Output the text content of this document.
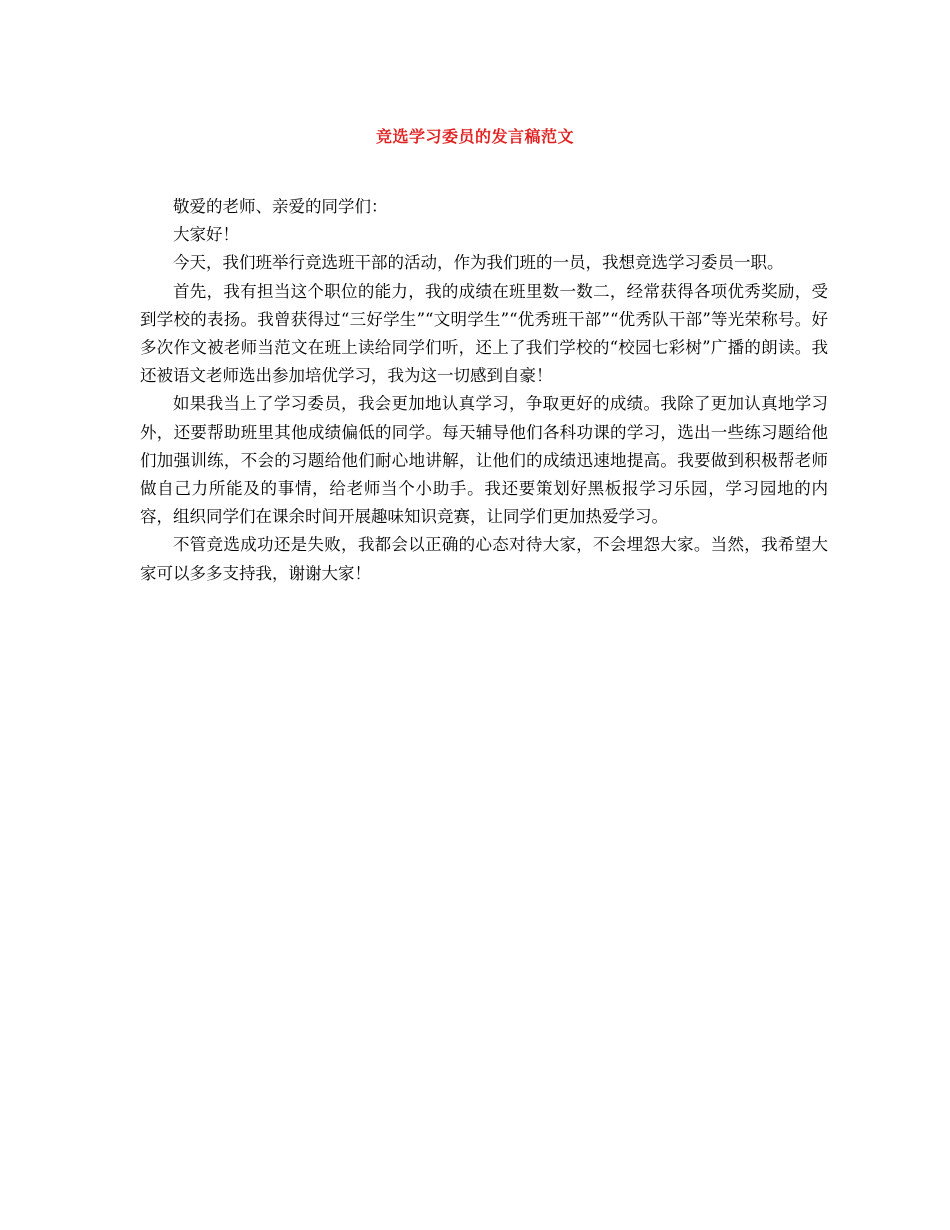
竞选学习委员的发言稿范文

敬爱的老师、亲爱的同学们：

大家好！

今天，我们班举行竞选班干部的活动，作为我们班的一员，我想竞选学习委员一职。

首先，我有担当这个职位的能力，我的成绩在班里数一数二，经常获得各项优秀奖励，受到学校的表扬。我曾获得过“三好学生”“文明学生”“优秀班干部”“优秀队干部”等光荣称号。好多次作文被老师当范文在班上读给同学们听，还上了我们学校的“校园七彩树”广播的朗读。我还被语文老师选出参加培优学习，我为这一切感到自豪！

如果我当上了学习委员，我会更加地认真学习，争取更好的成绩。我除了更加认真地学习外，还要帮助班里其他成绩偏低的同学。每天辅导他们各科功课的学习，选出一些练习题给他们加强训练，不会的习题给他们耐心地讲解，让他们的成绩迅速地提高。我要做到积极帮老师做自己力所能及的事情，给老师当个小助手。我还要策划好黑板报学习乐园，学习园地的内容，组织同学们在课余时间开展趣味知识竞赛，让同学们更加热爱学习。

不管竞选成功还是失败，我都会以正确的心态对待大家，不会埋怨大家。当然，我希望大家可以多多支持我，谢谢大家！
